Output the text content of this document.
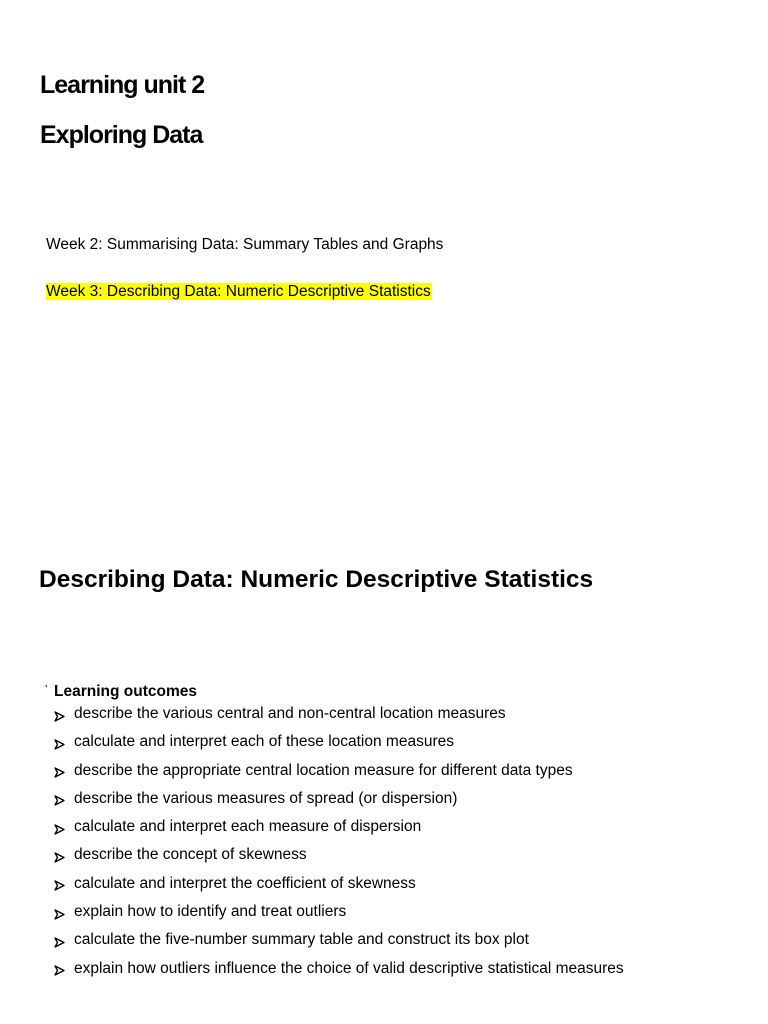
Learning unit 2
Exploring Data

Week 2: Summarising Data: Summary Tables and Graphs

Week 3: Describing Data: Numeric Descriptive Statistics

Describing Data: Numeric Descriptive Statistics
‘ Learning outcomes
describe the various central and non-central location measures
calculate and interpret each of these location measures
describe the appropriate central location measure for different data types
describe the various measures of spread (or dispersion)
calculate and interpret each measure of dispersion
describe the concept of skewness
calculate and interpret the coefficient of skewness
explain how to identify and treat outliers
calculate the five-number summary table and construct its box plot
explain how outliers influence the choice of valid descriptive statistical measures
